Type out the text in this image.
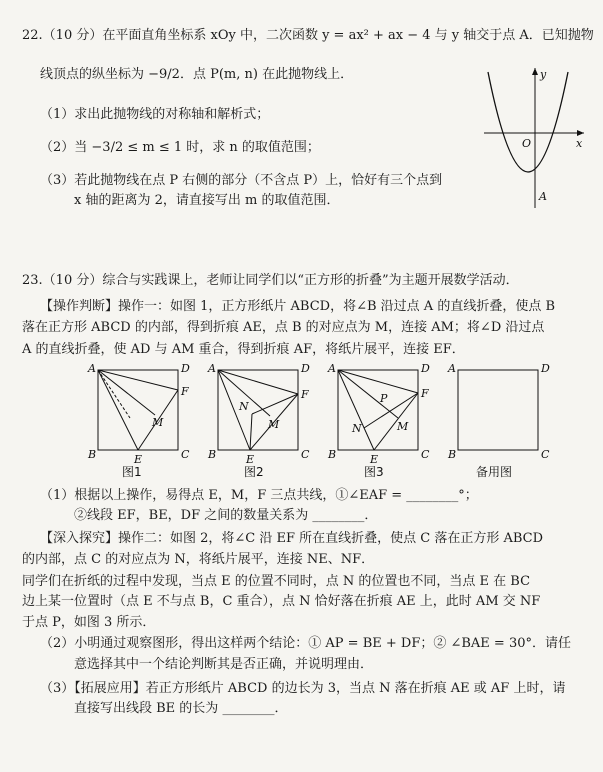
22.（10 分）在平面直角坐标系 xOy 中，二次函数 y = ax² + ax − 4 与 y 轴交于点 A．已知抛物
线顶点的纵坐标为 −9/2．点 P(m, n) 在此抛物线上．
（1）求出此抛物线的对称轴和解析式；
（2）当 −3/2 ≤ m ≤ 1 时，求 n 的取值范围；
（3）若此抛物线在点 P 右侧的部分（不含点 P）上，恰好有三个点到
x 轴的距离为 2，请直接写出 m 的取值范围．
y
x
O
A
23.（10 分）综合与实践课上，老师让同学们以“正方形的折叠”为主题开展数学活动．
【操作判断】操作一：如图 1，正方形纸片 ABCD，将∠B 沿过点 A 的直线折叠，使点 B
落在正方形 ABCD 的内部，得到折痕 AE，点 B 的对应点为 M，连接 AM；将∠D 沿过点
A 的直线折叠，使 AD 与 AM 重合，得到折痕 AF，将纸片展平，连接 EF．
A	D
F
M
B	E	C
图1
A	D
F
N
M
B	E	C
图2
A	D
P	F
N	M
B	E	C
图3
A	D
B	C
备用图
（1）根据以上操作，易得点 E，M，F 三点共线，①∠EAF = ________°；
②线段 EF，BE，DF 之间的数量关系为 ________．
【深入探究】操作二：如图 2，将∠C 沿 EF 所在直线折叠，使点 C 落在正方形 ABCD
的内部，点 C 的对应点为 N，将纸片展平，连接 NE、NF．
同学们在折纸的过程中发现，当点 E 的位置不同时，点 N 的位置也不同，当点 E 在 BC
边上某一位置时（点 E 不与点 B，C 重合），点 N 恰好落在折痕 AE 上，此时 AM 交 NF
于点 P，如图 3 所示．
（2）小明通过观察图形，得出这样两个结论：① AP = BE + DF；② ∠BAE = 30°．请任
意选择其中一个结论判断其是否正确，并说明理由．
（3）【拓展应用】若正方形纸片 ABCD 的边长为 3，当点 N 落在折痕 AE 或 AF 上时，请
直接写出线段 BE 的长为 ________．
